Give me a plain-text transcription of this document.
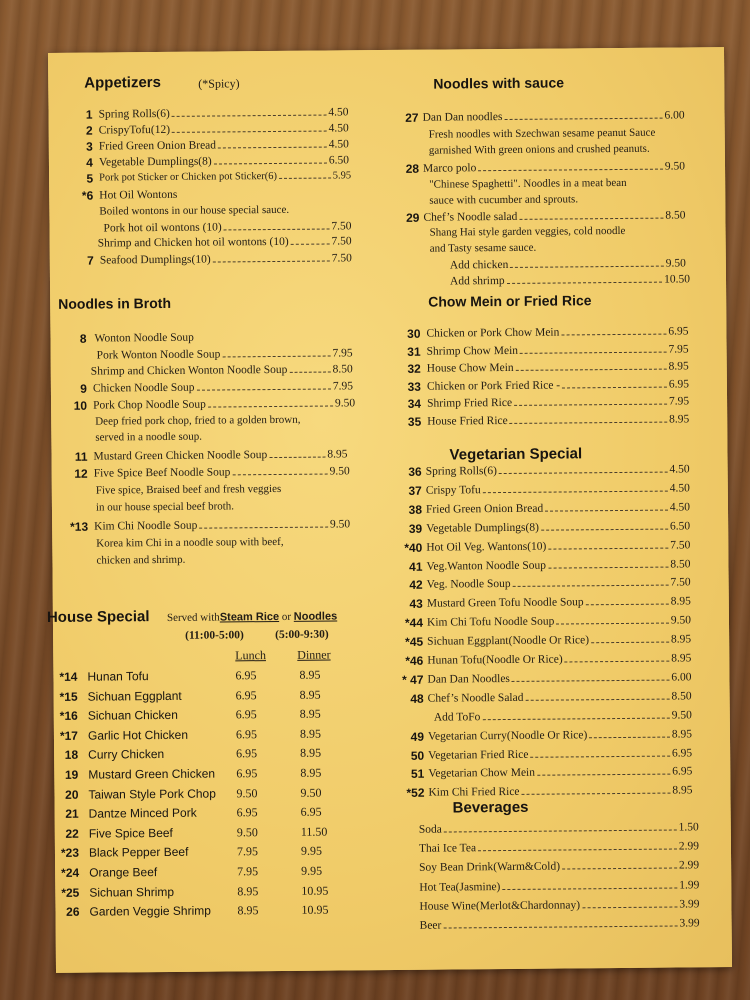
Appetizers	(*Spicy)
1 Spring Rolls(6)	4.50
2 CrispyTofu(12)	4.50
3 Fried Green Onion Bread	4.50
4 Vegetable Dumplings(8)	6.50
5 Pork pot Sticker or Chicken pot Sticker(6)	5.95
*6 Hot Oil Wontons
Boiled wontons in our house special sauce.
Pork hot oil wontons (10)	7.50
Shrimp and Chicken hot oil wontons (10)	7.50
7 Seafood Dumplings(10)	7.50
Noodles in Broth
8 Wonton Noodle Soup
Pork Wonton Noodle Soup	7.95
Shrimp and Chicken Wonton Noodle Soup	8.50
9 Chicken Noodle Soup	7.95
10 Pork Chop Noodle Soup	9.50
Deep fried pork chop, fried to a golden brown,
served in a noodle soup.
11 Mustard Green Chicken Noodle Soup	8.95
12 Five Spice Beef Noodle Soup	9.50
Five spice, Braised beef and fresh veggies
in our house special beef broth.
*13 Kim Chi Noodle Soup	9.50
Korea kim Chi in a noodle soup with beef,
chicken and shrimp.
House Special Served withSteam Rice or Noodles
(11:00-5:00)	(5:00-9:30)
Lunch	Dinner
*14 Hunan Tofu	6.95	8.95
*15 Sichuan Eggplant	6.95	8.95
*16 Sichuan Chicken	6.95	8.95
*17 Garlic Hot Chicken	6.95	8.95
18 Curry Chicken	6.95	8.95
19 Mustard Green Chicken 6.95	8.95
20 Taiwan Style Pork Chop 9.50	9.50
21 Dantze Minced Pork	6.95	6.95
22 Five Spice Beef	9.50	11.50
*23 Black Pepper Beef	7.95	9.95
*24 Orange Beef	7.95	9.95
*25 Sichuan Shrimp	8.95	10.95
26 Garden Veggie Shrimp 8.95	10.95
Noodles with sauce
27 Dan Dan noodles	6.00
Fresh noodles with Szechwan sesame peanut Sauce
garnished With green onions and crushed peanuts.
28 Marco polo	9.50
"Chinese Spaghetti". Noodles in a meat bean
sauce with cucumber and sprouts.
29 Chef’s Noodle salad	8.50
Shang Hai style garden veggies, cold noodle
and Tasty sesame sauce.
Add chicken	9.50
Add shrimp	10.50
Chow Mein or Fried Rice
30 Chicken or Pork Chow Mein	6.95
31 Shrimp Chow Mein	7.95
32 House Chow Mein	8.95
33 Chicken or Pork Fried Rice -	6.95
34 Shrimp Fried Rice	7.95
35 House Fried Rice	8.95
Vegetarian Special
36 Spring Rolls(6)	4.50
37 Crispy Tofu	4.50
38 Fried Green Onion Bread	4.50
39 Vegetable Dumplings(8)	6.50
*40 Hot Oil Veg. Wantons(10)	7.50
41 Veg.Wanton Noodle Soup	8.50
42 Veg. Noodle Soup	7.50
43 Mustard Green Tofu Noodle Soup	8.95
*44 Kim Chi Tofu Noodle Soup	9.50
*45 Sichuan Eggplant(Noodle Or Rice)	8.95
*46 Hunan Tofu(Noodle Or Rice)	8.95
* 47 Dan Dan Noodles	6.00
48 Chef’s Noodle Salad	8.50
Add ToFo	9.50
49 Vegetarian Curry(Noodle Or Rice)	8.95
50 Vegetarian Fried Rice	6.95
51 Vegetarian Chow Mein	6.95
*52 Kim Chi Fried Rice	8.95
Beverages
Soda	1.50
Thai Ice Tea	2.99
Soy Bean Drink(Warm&Cold)	2.99
Hot Tea(Jasmine)	1.99
House Wine(Merlot&Chardonnay)	3.99
Beer	3.99
